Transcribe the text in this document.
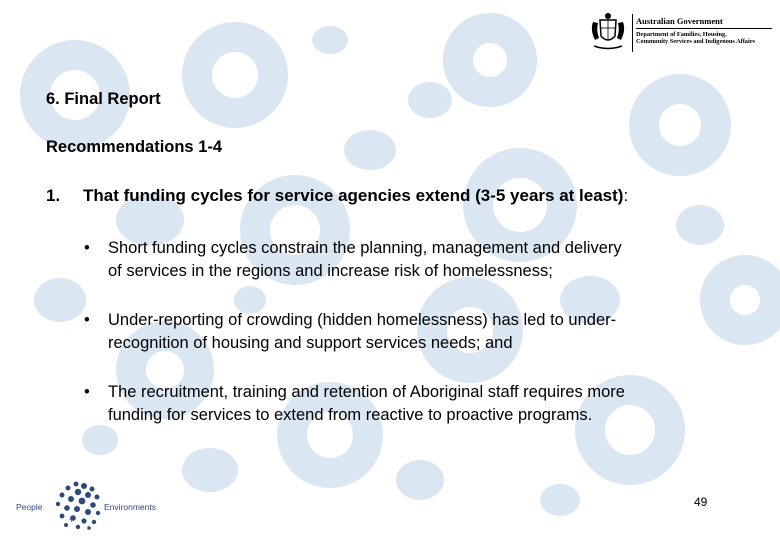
Australian Government
Department of Families, Housing,
Community Services and Indigenous Affairs
6. Final Report
Recommendations 1-4
1. That funding cycles for service agencies extend (3-5 years at least):
• Short funding cycles constrain the planning, management and delivery
of services in the regions and increase risk of homelessness;
• Under-reporting of crowding (hidden homelessness) has led to under-
recognition of housing and support services needs; and
• The recruitment, training and retention of Aboriginal staff requires more
funding for services to extend from reactive to proactive programs.
People
+
Environments	49
